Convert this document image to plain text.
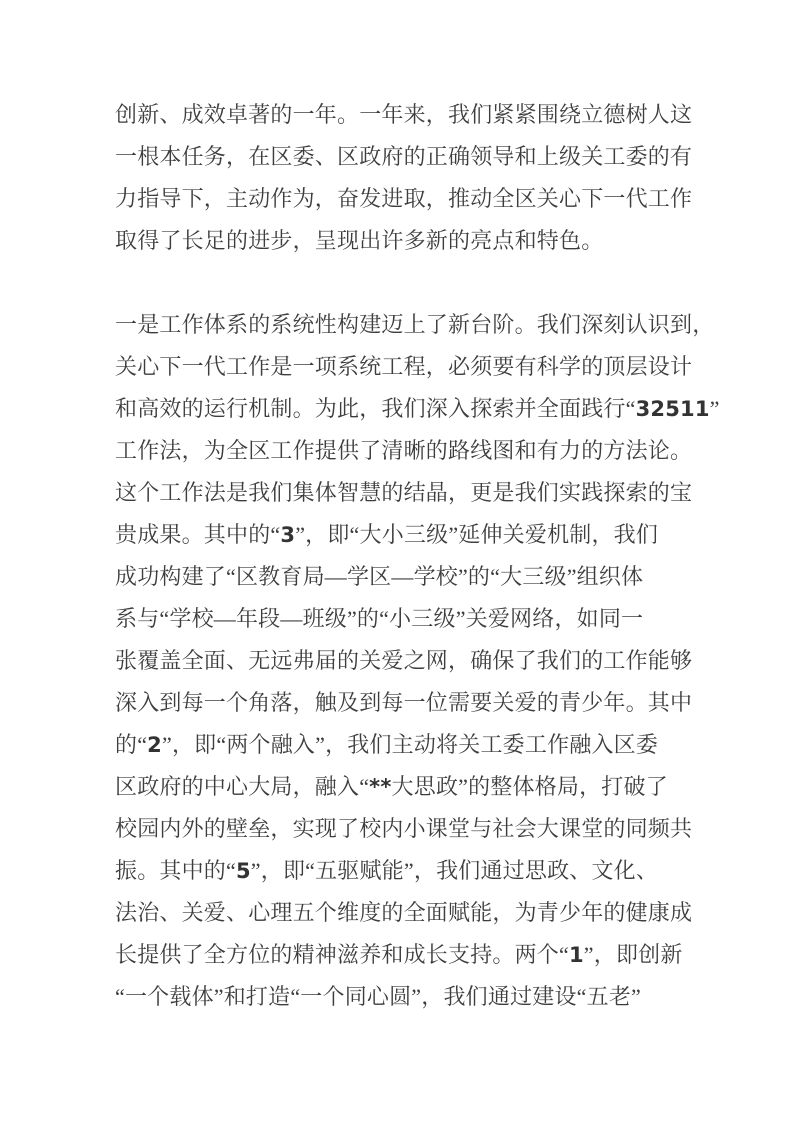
创新、成效卓著的一年。一年来，我们紧紧围绕立德树人这
一根本任务，在区委、区政府的正确领导和上级关工委的有
力指导下，主动作为，奋发进取，推动全区关心下一代工作
取得了长足的进步，呈现出许多新的亮点和特色。
一是工作体系的系统性构建迈上了新台阶。我们深刻认识到，
关心下一代工作是一项系统工程，必须要有科学的顶层设计
和高效的运行机制。为此，我们深入探索并全面践行“32511”
工作法，为全区工作提供了清晰的路线图和有力的方法论。
这个工作法是我们集体智慧的结晶，更是我们实践探索的宝
贵成果。其中的“3”，即“大小三级”延伸关爱机制，我们
成功构建了“区教育局—学区—学校”的“大三级”组织体
系与“学校—年段—班级”的“小三级”关爱网络，如同一
张覆盖全面、无远弗届的关爱之网，确保了我们的工作能够
深入到每一个角落，触及到每一位需要关爱的青少年。其中
的“2”，即“两个融入”，我们主动将关工委工作融入区委
区政府的中心大局，融入“**大思政”的整体格局，打破了
校园内外的壁垒，实现了校内小课堂与社会大课堂的同频共
振。其中的“5”，即“五驱赋能”，我们通过思政、文化、
法治、关爱、心理五个维度的全面赋能，为青少年的健康成
长提供了全方位的精神滋养和成长支持。两个“1”，即创新
“一个载体”和打造“一个同心圆”，我们通过建设“五老”
